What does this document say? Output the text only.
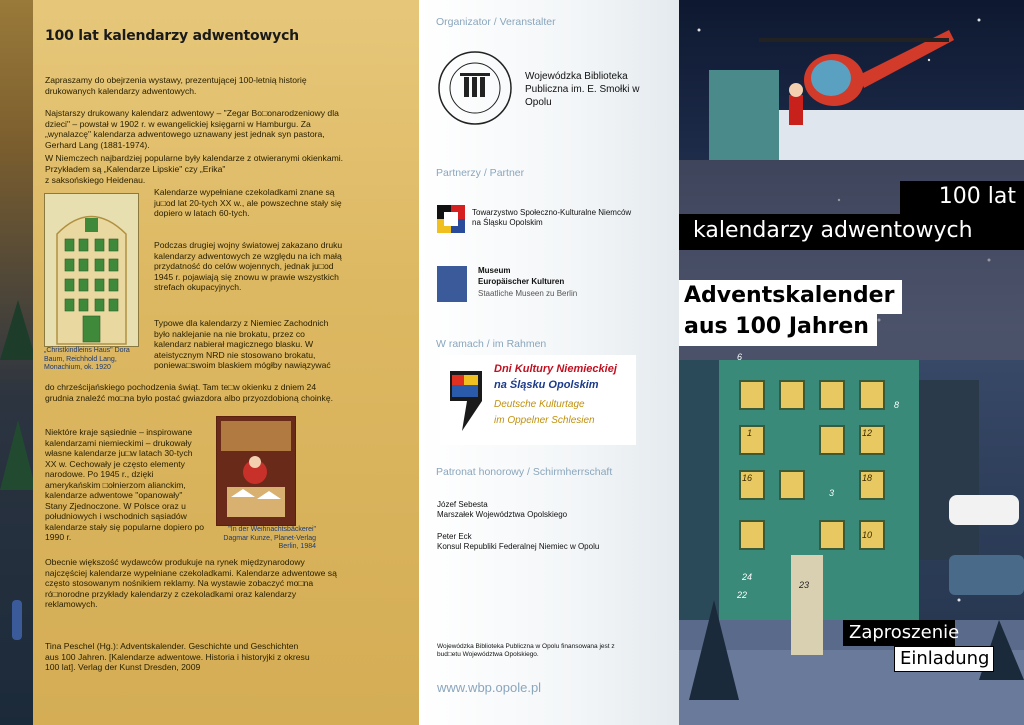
100 lat kalendarzy adwentowych

Zapraszamy do obejrzenia wystawy, prezentującej 100-letnią historię drukowanych kalendarzy adwentowych.

Najstarszy drukowany kalendarz adwentowy – "Zegar Bo□onarodzeniowy dla dzieci" – powstał w 1902 r. w ewangelickiej księgarni w Hamburgu. Za „wynalazcę" kalendarza adwentowego uznawany jest jednak syn pastora, Gerhard Lang (1881-1974).

W Niemczech najbardziej popularne były kalendarze z otwieranymi okienkami. Przykładem są „Kalendarze Lipskie" czy „Erika"

z saksońskiego Heidenau.

„Christkindleins Haus" Dora Baum, Reichhold Lang, Monachium, ok. 1920

Kalendarze wypełniane czekoladkami znane są ju□od lat 20-tych XX w., ale powszechne stały się dopiero w latach 60-tych.

Podczas drugiej wojny światowej zakazano druku kalendarzy adwentowych ze względu na ich małą przydatność do celów wojennych, jednak ju□od 1945 r. pojawiają się znowu w prawie wszystkich strefach okupacyjnych.

Typowe dla kalendarzy z Niemiec Zachodnich było naklejanie na nie brokatu, przez co kalendarz nabierał magicznego blasku. W ateistycznym NRD nie stosowano brokatu, poniewa□swoim blaskiem mógłby nawiązywać

do chrześcijańskiego pochodzenia świąt. Tam te□w okienku z dniem 24 grudnia znaleźć mo□na było postać gwiazdora albo przyozdobioną choinkę.

Niektóre kraje sąsiednie – inspirowane kalendarzami niemieckimi – drukowały własne kalendarze ju□w latach 30-tych XX w. Cechowały je często elementy narodowe. Po 1945 r., dzięki amerykańskim □ołnierzom alianckim, kalendarze adwentowe "opanowały" Stany Zjednoczone. W Polsce oraz u południowych i wschodnich sąsiadów kalendarze stały się popularne dopiero po 1990 r.

"In der Weihnachtsbäckerei" Dagmar Kunze, Planet-Verlag Berlin, 1984

Obecnie większość wydawców produkuje na rynek międzynarodowy najczęściej kalendarze wypełniane czekoladkami. Kalendarze adwentowe są często stosowanym nośnikiem reklamy. Na wystawie zobaczyć mo□na ró□norodne przykłady kalendarzy z czekoladkami oraz kalendarzy reklamowych.

Tina Peschel (Hg.): Adventskalender. Geschichte und Geschichten aus 100 Jahren. [Kalendarze adwentowe. Historia i historyjki z okresu 100 lat]. Verlag der Kunst Dresden, 2009

Organizator / Veranstalter

Wojewódzka Biblioteka Publiczna im. E. Smołki w Opolu

Partnerzy / Partner

Towarzystwo Społeczno-Kulturalne Niemców na Śląsku Opolskim

Museum

Europäischer Kulturen

Staatliche Museen zu Berlin

W ramach / im Rahmen

Dni Kultury Niemieckiej
na Śląsku Opolskim
Deutsche Kulturtage
im Oppelner Schlesien

Patronat honorowy / Schirmherrschaft

Józef Sebesta

Marszałek Województwa Opolskiego

Peter Eck

Konsul Republiki Federalnej Niemiec w Opolu

Wojewódzka Biblioteka Publiczna w Opolu finansowana jest z bud□etu Województwa Opolskiego.

www.wbp.opole.pl
6
8
1	12
16	18
3
10
24
22
23
100 lat
kalendarzy adwentowych
Adventskalender
aus 100 Jahren
Zaproszenie
Einladung
